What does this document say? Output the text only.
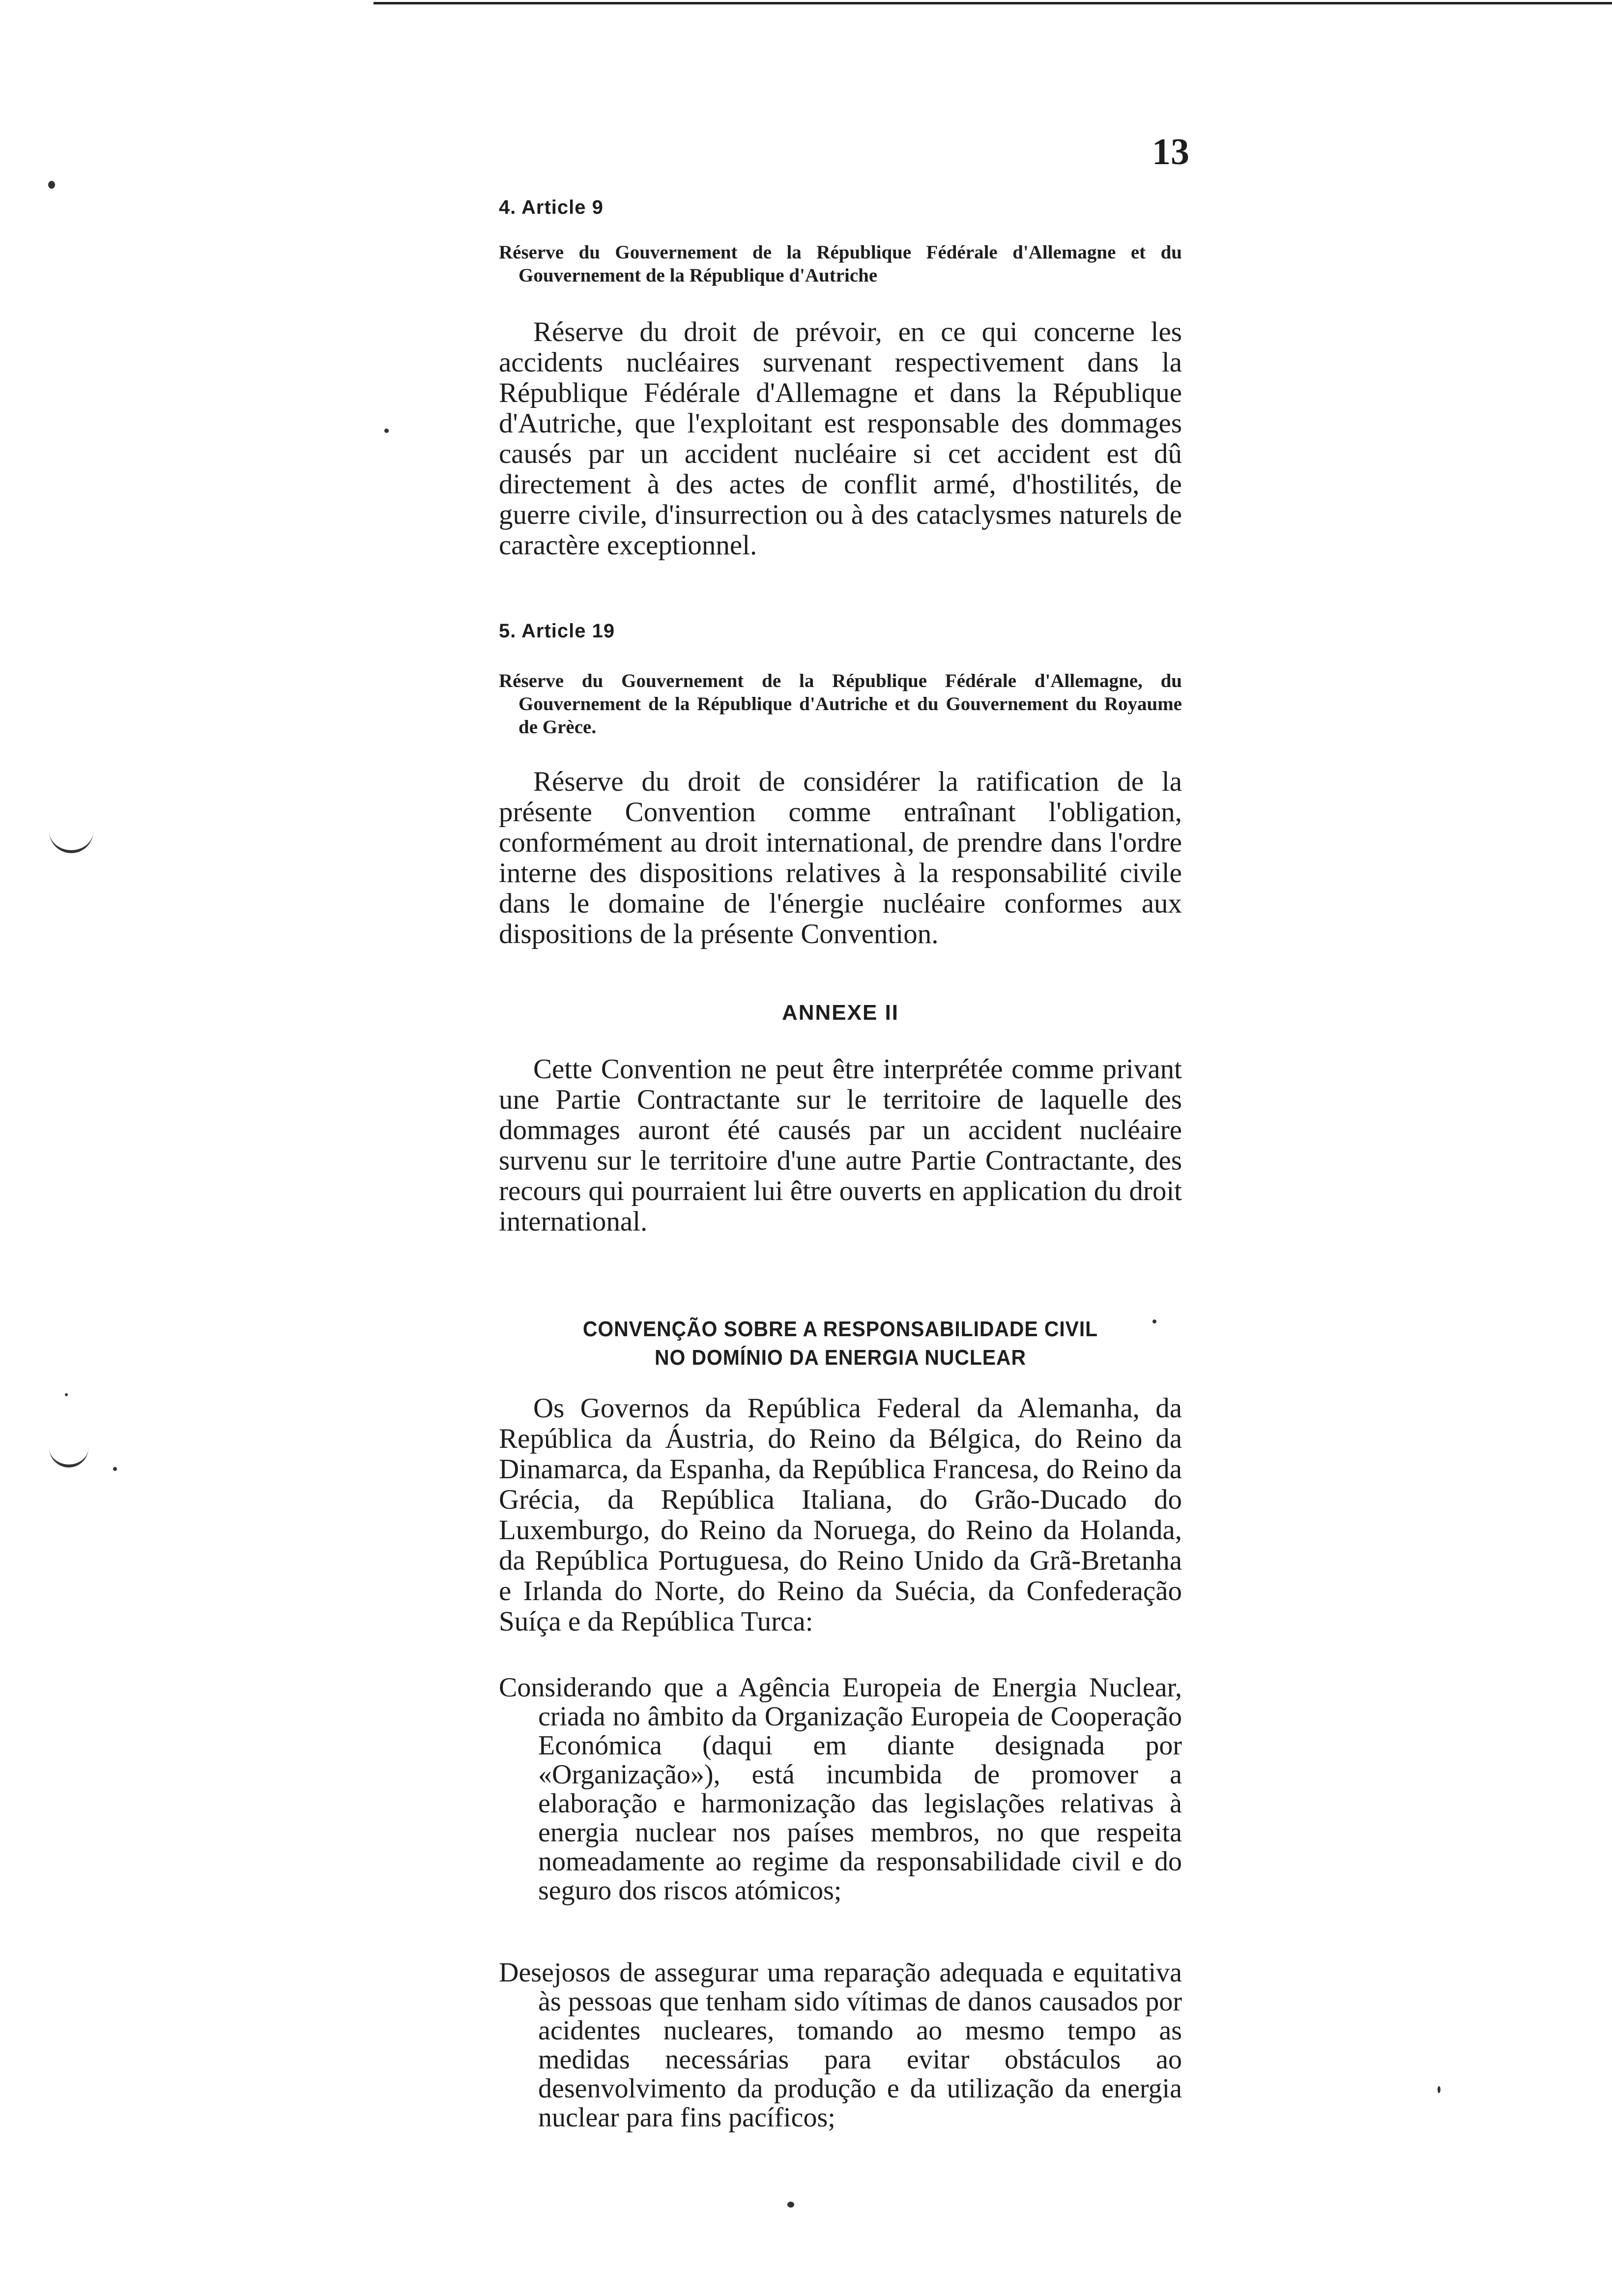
13

4. Article 9

Réserve du Gouvernement de la République Fédérale d'Allemagne et du Gouvernement de la République d'Autriche

Réserve du droit de prévoir, en ce qui concerne les accidents nucléaires survenant respectivement dans la République Fédérale d'Allemagne et dans la République d'Autriche, que l'exploitant est responsable des dommages causés par un accident nucléaire si cet accident est dû directement à des actes de conflit armé, d'hostilités, de guerre civile, d'insurrection ou à des cataclysmes naturels de caractère exceptionnel.

5. Article 19

Réserve du Gouvernement de la République Fédérale d'Allemagne, du Gouvernement de la République d'Autriche et du Gouvernement du Royaume de Grèce.

Réserve du droit de considérer la ratification de la présente Convention comme entraînant l'obligation, conformément au droit international, de prendre dans l'ordre interne des dispositions relatives à la responsabilité civile dans le domaine de l'énergie nucléaire conformes aux dispositions de la présente Convention.

ANNEXE II

Cette Convention ne peut être interprétée comme privant une Partie Contractante sur le territoire de laquelle des dommages auront été causés par un accident nucléaire survenu sur le territoire d'une autre Partie Contractante, des recours qui pourraient lui être ouverts en application du droit international.

CONVENÇÃO SOBRE A RESPONSABILIDADE CIVIL

NO DOMÍNIO DA ENERGIA NUCLEAR

Os Governos da República Federal da Alemanha, da República da Áustria, do Reino da Bélgica, do Reino da Dinamarca, da Espanha, da República Francesa, do Reino da Grécia, da República Italiana, do Grão-Ducado do Luxemburgo, do Reino da Noruega, do Reino da Holanda, da República Portuguesa, do Reino Unido da Grã-Bretanha e Irlanda do Norte, do Reino da Suécia, da Confederação Suíça e da República Turca:

Considerando que a Agência Europeia de Energia Nuclear, criada no âmbito da Organização Europeia de Cooperação Económica (daqui em diante designada por «Organização»), está incumbida de promover a elaboração e harmonização das legislações relativas à energia nuclear nos países membros, no que respeita nomeadamente ao regime da responsabilidade civil e do seguro dos riscos atómicos;

Desejosos de assegurar uma reparação adequada e equitativa às pessoas que tenham sido vítimas de danos causados por acidentes nucleares, tomando ao mesmo tempo as medidas necessárias para evitar obstáculos ao desenvolvimento da produção e da utilização da energia nuclear para fins pacíficos;
